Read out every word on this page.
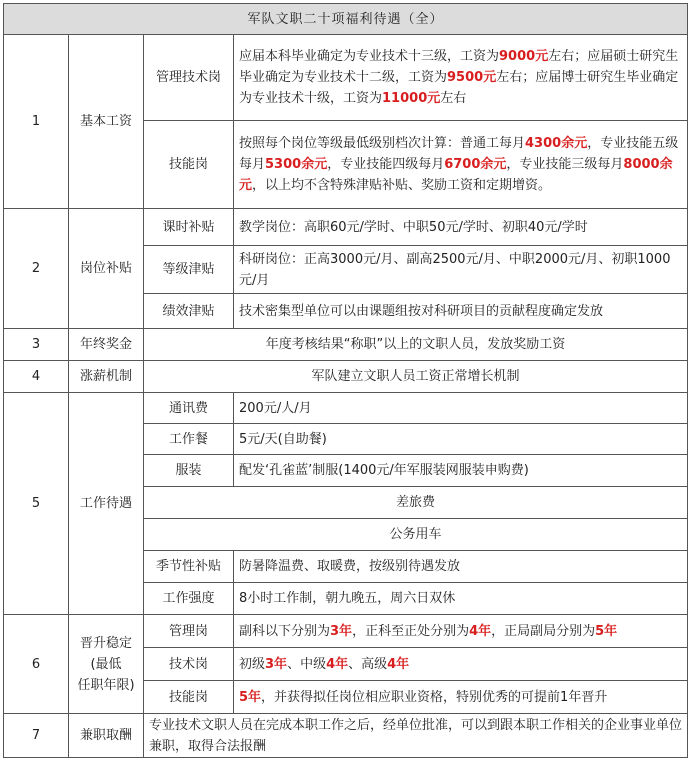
军队文职二十项福利待遇（全）			
1	基本工资	管理技术岗	应届本科毕业确定为专业技术十三级，工资为9000元左右；应届硕士研究生毕业确定为专业技术十二级，工资为9500元左右；应届博士研究生毕业确定为专业技术十级，工资为11000元左右
		技能岗	按照每个岗位等级最低级别档次计算：普通工每月4300余元，专业技能五级每月5300余元，专业技能四级每月6700余元，专业技能三级每月8000余元，以上均不含特殊津贴补贴、奖励工资和定期增资。
2	岗位补贴	课时补贴	教学岗位：高职60元/学时、中职50元/学时、初职40元/学时
		等级津贴	科研岗位：正高3000元/月、副高2500元/月、中职2000元/月、初职1000元/月
		绩效津贴	技术密集型单位可以由课题组按对科研项目的贡献程度确定发放
3	年终奖金	年度考核结果“称职”以上的文职人员，发放奖励工资	
4	涨薪机制	军队建立文职人员工资正常增长机制	
5	工作待遇	通讯费	200元/人/月
		工作餐	5元/天(自助餐)
		服装	配发‘孔雀蓝’制服(1400元/年军服装网服装申购费)
		差旅费	
		公务用车	
		季节性补贴	防暑降温费、取暖费，按级别待遇发放
		工作强度	8小时工作制，朝九晚五，周六日双休
6	晋升稳定(最低
任职年限)	管理岗	副科以下分别为3年，正科至正处分别为4年，正局副局分别为5年
		技术岗	初级3年、中级4年、高级4年
		技能岗	5年，并获得拟任岗位相应职业资格，特别优秀的可提前1年晋升
7	兼职取酬	专业技术文职人员在完成本职工作之后，经单位批准，可以到跟本职工作相关的企业事业单位兼职，取得合法报酬	
